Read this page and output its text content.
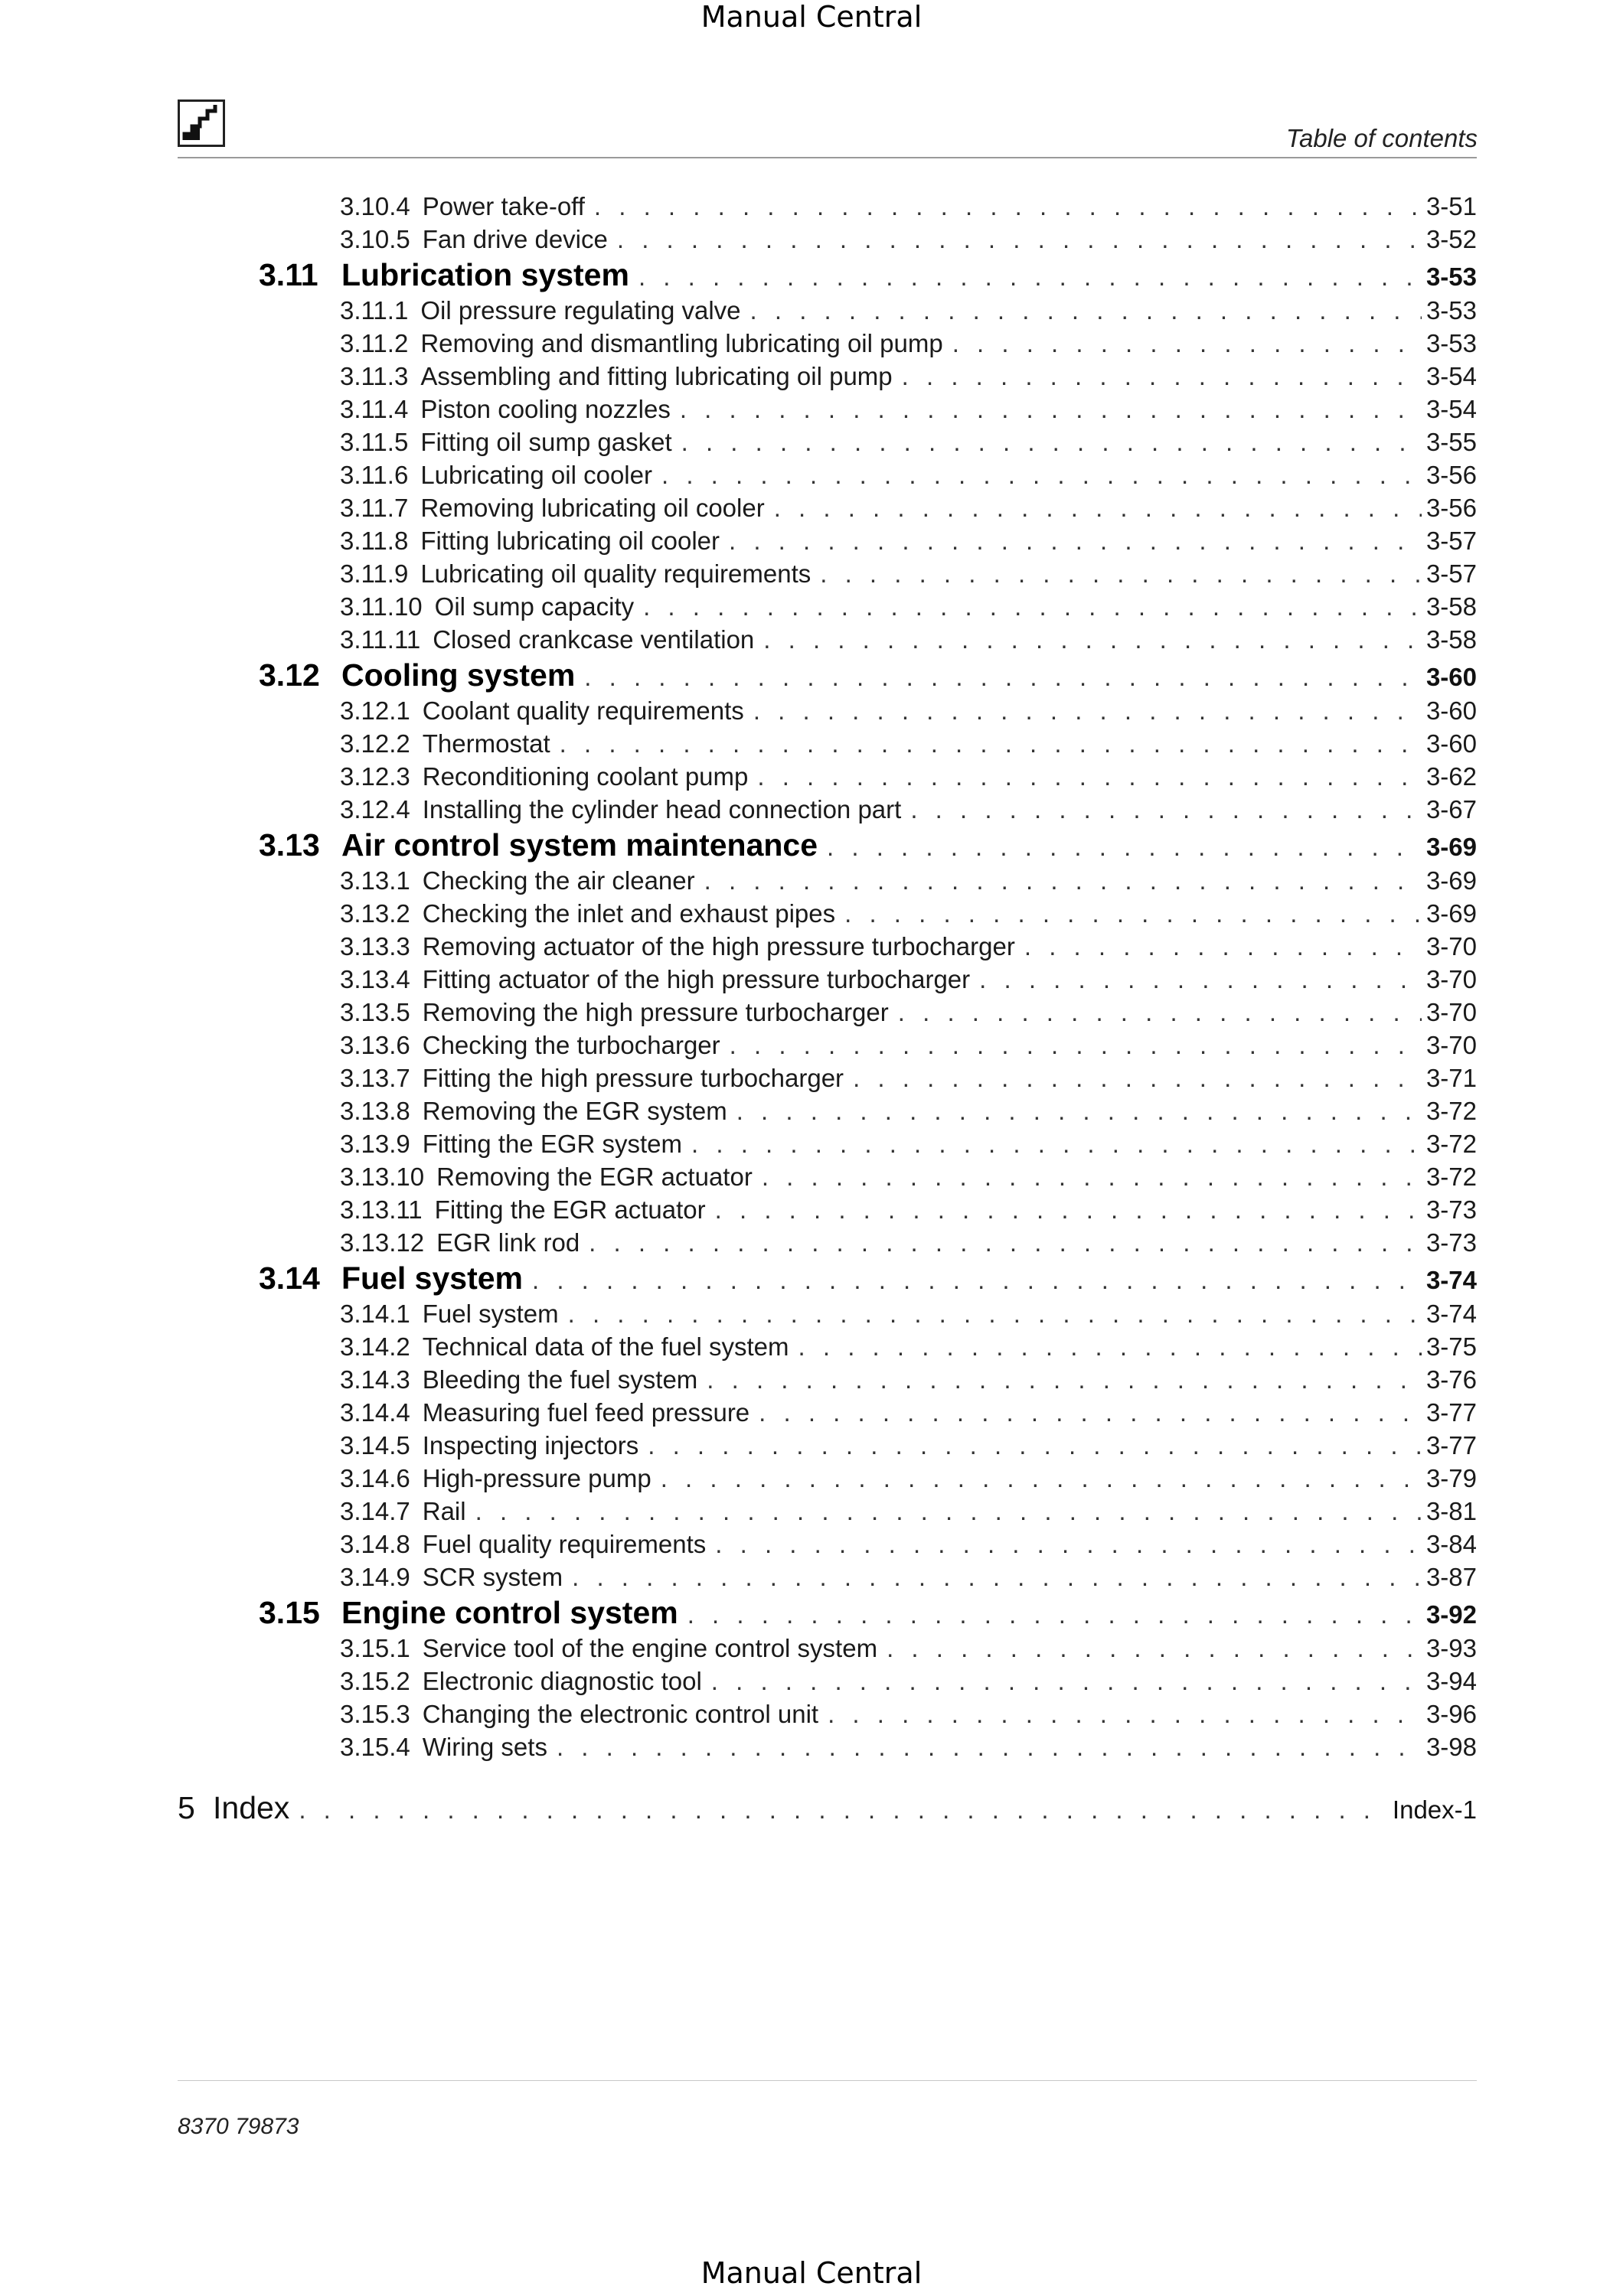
Manual Central
Table of contents
3.10.4 Power take-off . . .	3-51
3.10.5 Fan drive device . . .	3-52
3.11 Lubrication system . . .	3-53
3.11.1 Oil pressure regulating valve . . .	3-53
3.11.2 Removing and dismantling lubricating oil pump . . .	3-53
3.11.3 Assembling and fitting lubricating oil pump . . .	3-54
3.11.4 Piston cooling nozzles . . .	3-54
3.11.5 Fitting oil sump gasket . . .	3-55
3.11.6 Lubricating oil cooler . . .	3-56
3.11.7 Removing lubricating oil cooler . . .	3-56
3.11.8 Fitting lubricating oil cooler . . .	3-57
3.11.9 Lubricating oil quality requirements . . .	3-57
3.11.10 Oil sump capacity . . .	3-58
3.11.11 Closed crankcase ventilation . . .	3-58
3.12 Cooling system . . .	3-60
3.12.1 Coolant quality requirements . . .	3-60
3.12.2 Thermostat . . .	3-60
3.12.3 Reconditioning coolant pump . . .	3-62
3.12.4 Installing the cylinder head connection part . . .	3-67
3.13 Air control system maintenance . . .	3-69
3.13.1 Checking the air cleaner . . .	3-69
3.13.2 Checking the inlet and exhaust pipes . . .	3-69
3.13.3 Removing actuator of the high pressure turbocharger . . .	3-70
3.13.4 Fitting actuator of the high pressure turbocharger . . .	3-70
3.13.5 Removing the high pressure turbocharger . . .	3-70
3.13.6 Checking the turbocharger . . .	3-70
3.13.7 Fitting the high pressure turbocharger . . .	3-71
3.13.8 Removing the EGR system . . .	3-72
3.13.9 Fitting the EGR system . . .	3-72
3.13.10 Removing the EGR actuator . . .	3-72
3.13.11 Fitting the EGR actuator . . .	3-73
3.13.12 EGR link rod . . .	3-73
3.14 Fuel system . . .	3-74
3.14.1 Fuel system . . .	3-74
3.14.2 Technical data of the fuel system . . .	3-75
3.14.3 Bleeding the fuel system . . .	3-76
3.14.4 Measuring fuel feed pressure . . .	3-77
3.14.5 Inspecting injectors . . .	3-77
3.14.6 High-pressure pump . . .	3-79
3.14.7 Rail . . .	3-81
3.14.8 Fuel quality requirements . . .	3-84
3.14.9 SCR system . . .	3-87
3.15 Engine control system . . .	3-92
3.15.1 Service tool of the engine control system . . .	3-93
3.15.2 Electronic diagnostic tool . . .	3-94
3.15.3 Changing the electronic control unit . . .	3-96
3.15.4 Wiring sets . . .	3-98
5 Index . . .	Index-1
8370 79873
Manual Central
